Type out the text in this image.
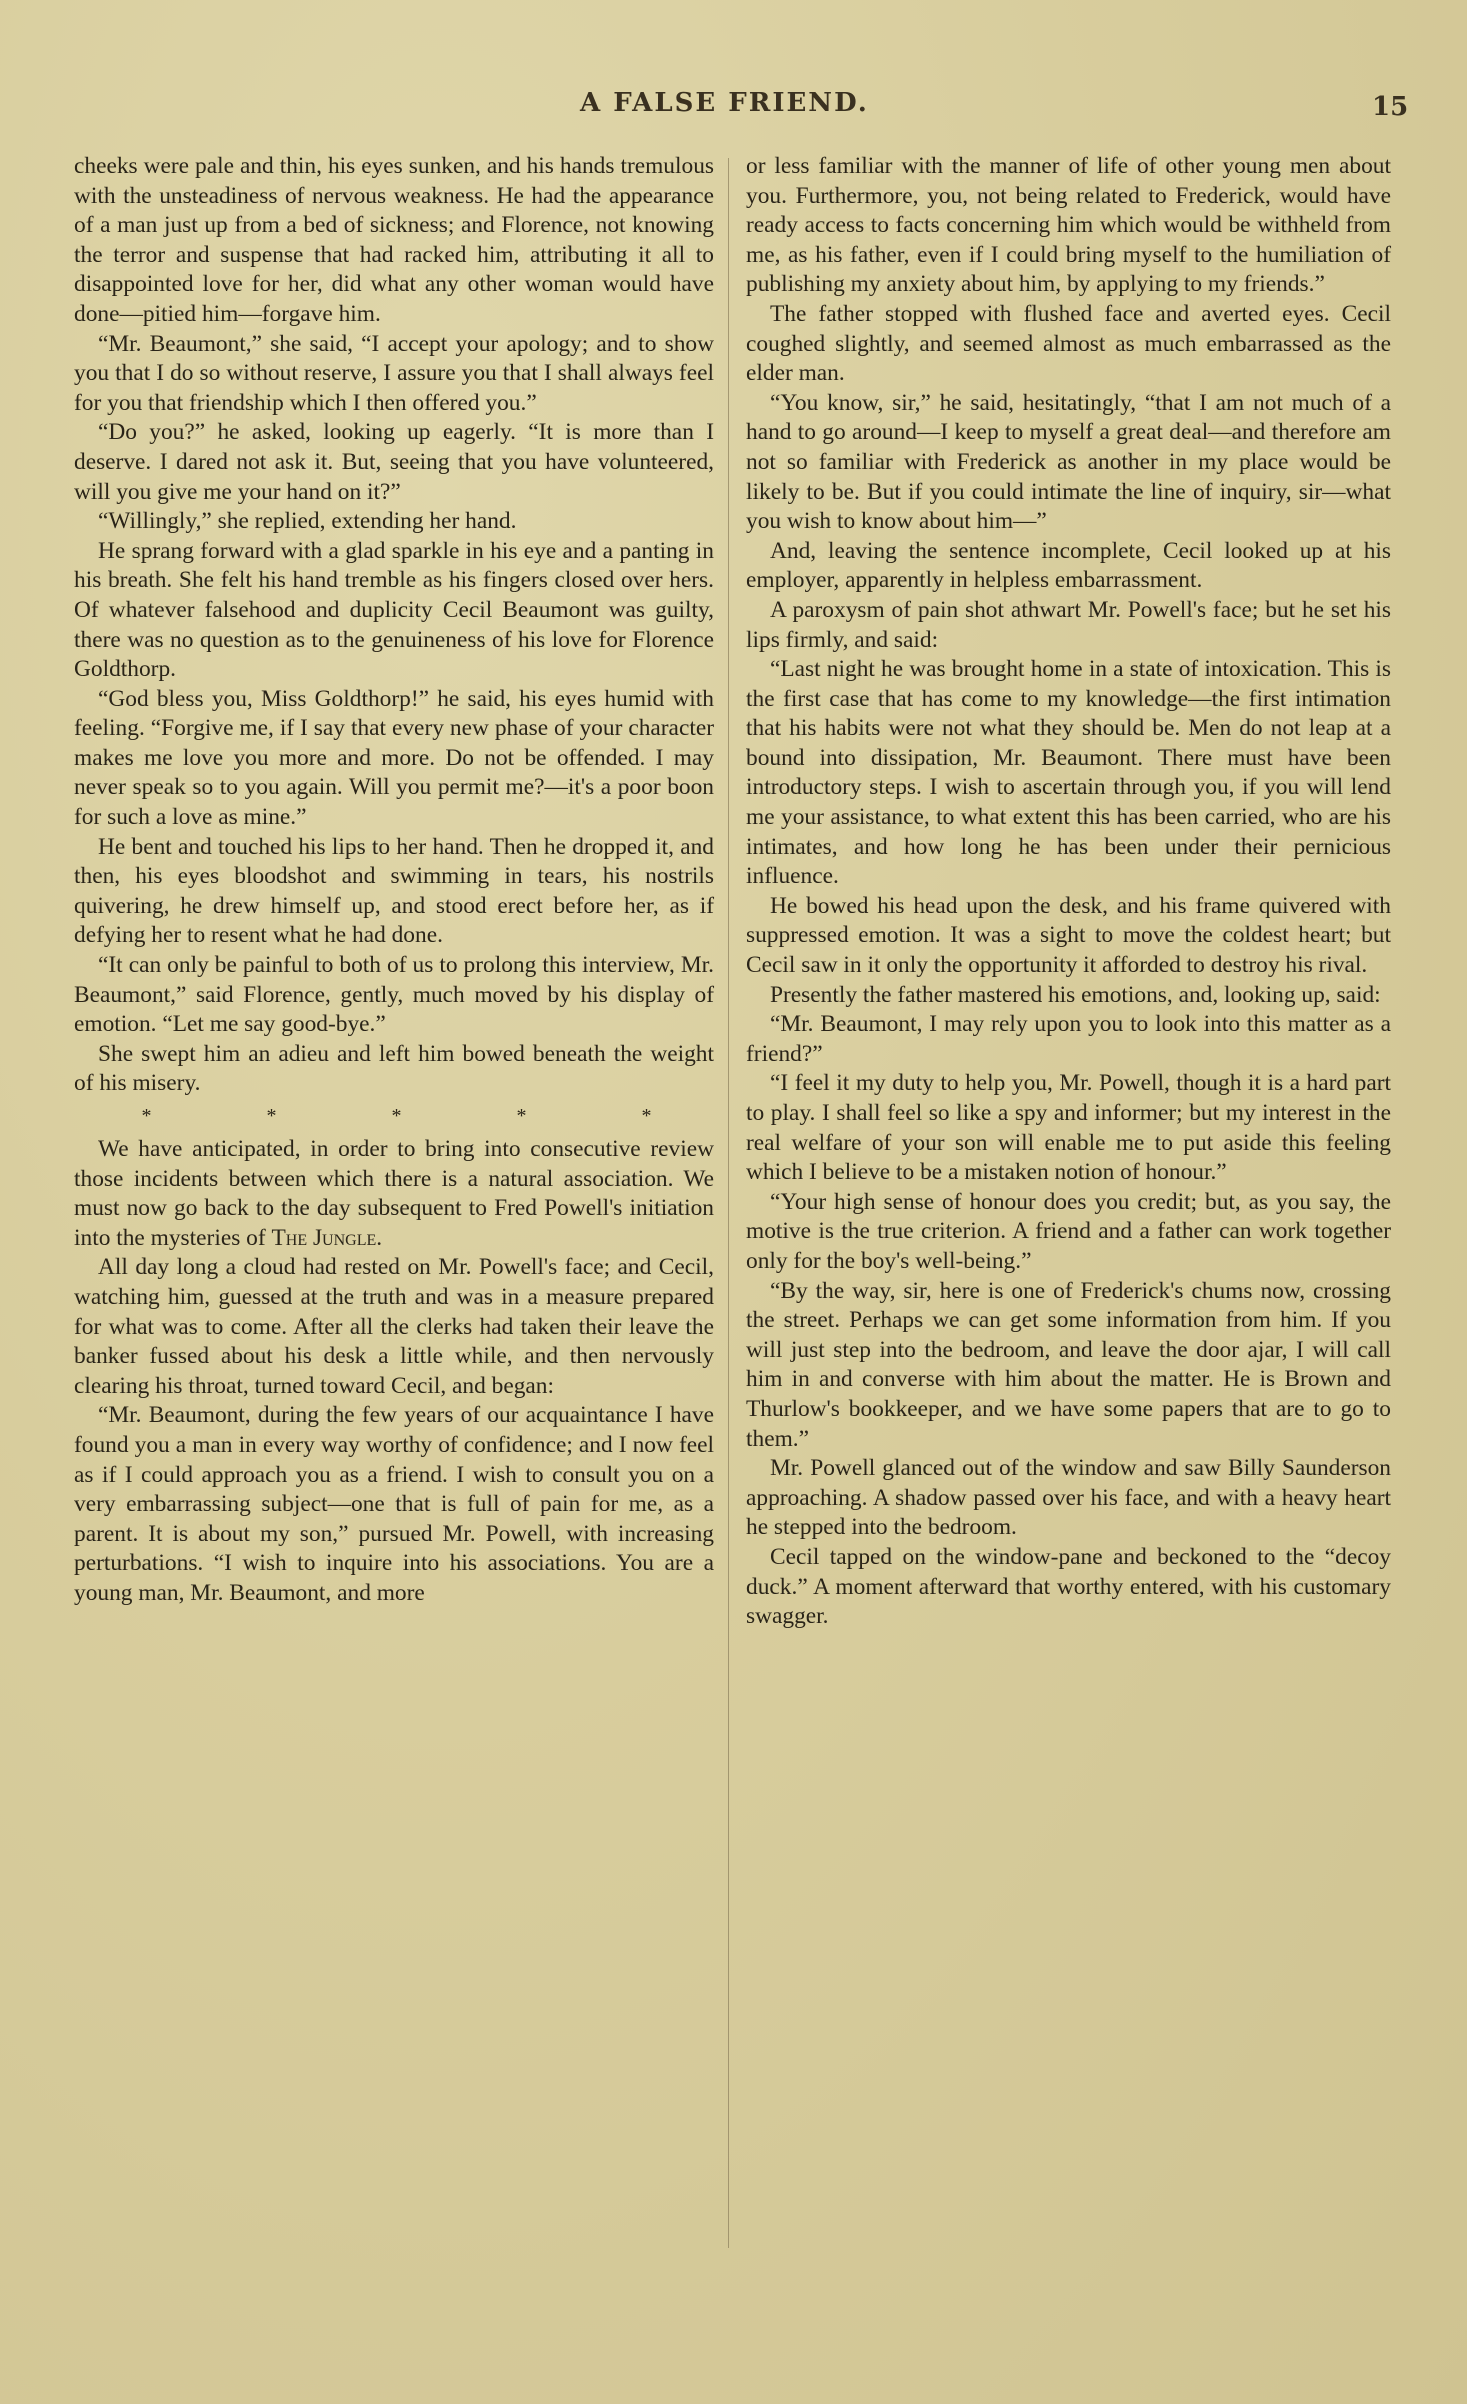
A FALSE FRIEND.	15

cheeks were pale and thin, his eyes sunken, and his hands tremulous with the unsteadiness of nervous weakness. He had the appearance of a man just up from a bed of sickness; and Florence, not knowing the terror and suspense that had racked him, attributing it all to disappointed love for her, did what any other woman would have done—pitied him—forgave him.

“Mr. Beaumont,” she said, “I accept your apology; and to show you that I do so without reserve, I assure you that I shall always feel for you that friendship which I then offered you.”

“Do you?” he asked, looking up eagerly. “It is more than I deserve. I dared not ask it. But, seeing that you have volunteered, will you give me your hand on it?”

“Willingly,” she replied, extending her hand.

He sprang forward with a glad sparkle in his eye and a panting in his breath. She felt his hand tremble as his fingers closed over hers. Of whatever falsehood and duplicity Cecil Beaumont was guilty, there was no question as to the genuineness of his love for Florence Goldthorp.

“God bless you, Miss Goldthorp!” he said, his eyes humid with feeling. “Forgive me, if I say that every new phase of your character makes me love you more and more. Do not be offended. I may never speak so to you again. Will you permit me?—it's a poor boon for such a love as mine.”

He bent and touched his lips to her hand. Then he dropped it, and then, his eyes bloodshot and swimming in tears, his nostrils quivering, he drew himself up, and stood erect before her, as if defying her to resent what he had done.

“It can only be painful to both of us to prolong this interview, Mr. Beaumont,” said Florence, gently, much moved by his display of emotion. “Let me say good-bye.”

She swept him an adieu and left him bowed beneath the weight of his misery.

* * * * *

We have anticipated, in order to bring into consecutive review those incidents between which there is a natural association. We must now go back to the day subsequent to Fred Powell's initiation into the mysteries of The Jungle.

All day long a cloud had rested on Mr. Powell's face; and Cecil, watching him, guessed at the truth and was in a measure prepared for what was to come. After all the clerks had taken their leave the banker fussed about his desk a little while, and then nervously clearing his throat, turned toward Cecil, and began:

“Mr. Beaumont, during the few years of our acquaintance I have found you a man in every way worthy of confidence; and I now feel as if I could approach you as a friend. I wish to consult you on a very embarrassing subject—one that is full of pain for me, as a parent. It is about my son,” pursued Mr. Powell, with increasing perturbations. “I wish to inquire into his associations. You are a young man, Mr. Beaumont, and more

or less familiar with the manner of life of other young men about you. Furthermore, you, not being related to Frederick, would have ready access to facts concerning him which would be withheld from me, as his father, even if I could bring myself to the humiliation of publishing my anxiety about him, by applying to my friends.”

The father stopped with flushed face and averted eyes. Cecil coughed slightly, and seemed almost as much embarrassed as the elder man.

“You know, sir,” he said, hesitatingly, “that I am not much of a hand to go around—I keep to myself a great deal—and therefore am not so familiar with Frederick as another in my place would be likely to be. But if you could intimate the line of inquiry, sir—what you wish to know about him—”

And, leaving the sentence incomplete, Cecil looked up at his employer, apparently in helpless embarrassment.

A paroxysm of pain shot athwart Mr. Powell's face; but he set his lips firmly, and said:

“Last night he was brought home in a state of intoxication. This is the first case that has come to my knowledge—the first intimation that his habits were not what they should be. Men do not leap at a bound into dissipation, Mr. Beaumont. There must have been introductory steps. I wish to ascertain through you, if you will lend me your assistance, to what extent this has been carried, who are his intimates, and how long he has been under their pernicious influence.

He bowed his head upon the desk, and his frame quivered with suppressed emotion. It was a sight to move the coldest heart; but Cecil saw in it only the opportunity it afforded to destroy his rival.

Presently the father mastered his emotions, and, looking up, said:

“Mr. Beaumont, I may rely upon you to look into this matter as a friend?”

“I feel it my duty to help you, Mr. Powell, though it is a hard part to play. I shall feel so like a spy and informer; but my interest in the real welfare of your son will enable me to put aside this feeling which I believe to be a mistaken notion of honour.”

“Your high sense of honour does you credit; but, as you say, the motive is the true criterion. A friend and a father can work together only for the boy's well-being.”

“By the way, sir, here is one of Frederick's chums now, crossing the street. Perhaps we can get some information from him. If you will just step into the bedroom, and leave the door ajar, I will call him in and converse with him about the matter. He is Brown and Thurlow's bookkeeper, and we have some papers that are to go to them.”

Mr. Powell glanced out of the window and saw Billy Saunderson approaching. A shadow passed over his face, and with a heavy heart he stepped into the bedroom.

Cecil tapped on the window-pane and beckoned to the “decoy duck.” A moment afterward that worthy entered, with his customary swagger.
